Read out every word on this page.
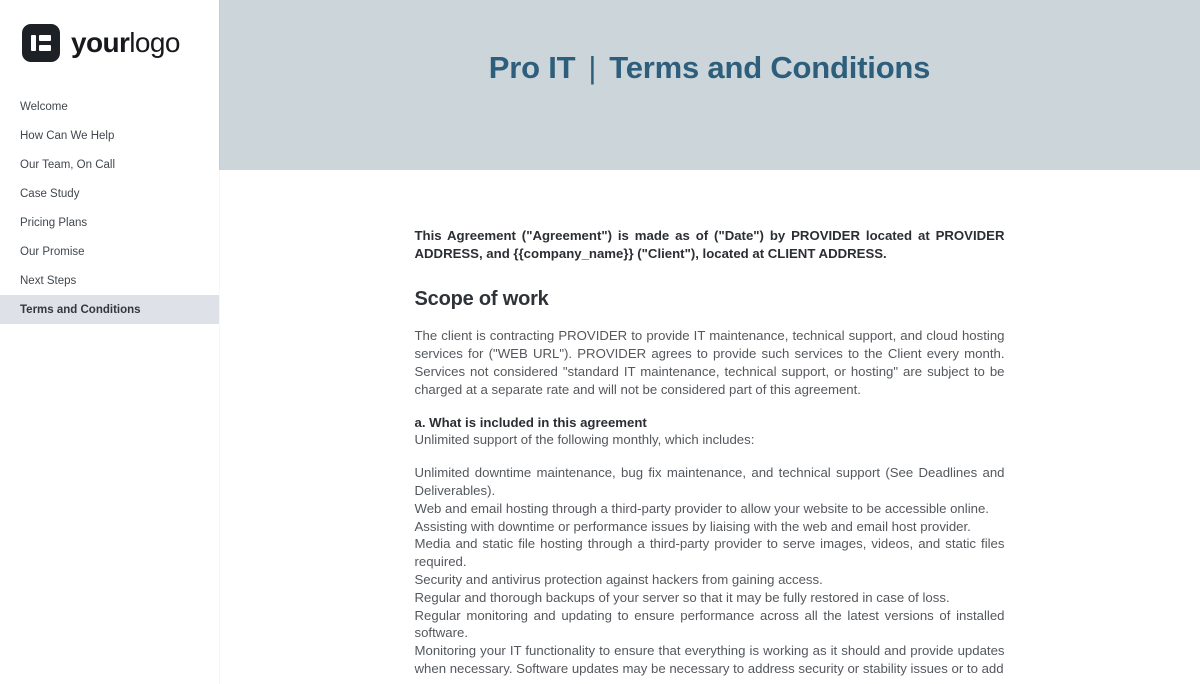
yourlogo
Welcome
How Can We Help
Our Team, On Call
Case Study
Pricing Plans
Our Promise
Next Steps
Terms and Conditions
Pro IT | Terms and Conditions

This Agreement ("Agreement") is made as of ("Date") by PROVIDER located at PROVIDER ADDRESS, and {{company_name}} ("Client"), located at CLIENT ADDRESS.

Scope of work

The client is contracting PROVIDER to provide IT maintenance, technical support, and cloud hosting services for ("WEB URL"). PROVIDER agrees to provide such services to the Client every month. Services not considered "standard IT maintenance, technical support, or hosting" are subject to be charged at a separate rate and will not be considered part of this agreement.

a. What is included in this agreement
Unlimited support of the following monthly, which includes:
Unlimited downtime maintenance, bug fix maintenance, and technical support (See Deadlines and Deliverables).
Web and email hosting through a third-party provider to allow your website to be accessible online.
Assisting with downtime or performance issues by liaising with the web and email host provider.
Media and static file hosting through a third-party provider to serve images, videos, and static files required.
Security and antivirus protection against hackers from gaining access.
Regular and thorough backups of your server so that it may be fully restored in case of loss.
Regular monitoring and updating to ensure performance across all the latest versions of installed software.
Monitoring your IT functionality to ensure that everything is working as it should and provide updates when necessary. Software updates may be necessary to address security or stability issues or to add
